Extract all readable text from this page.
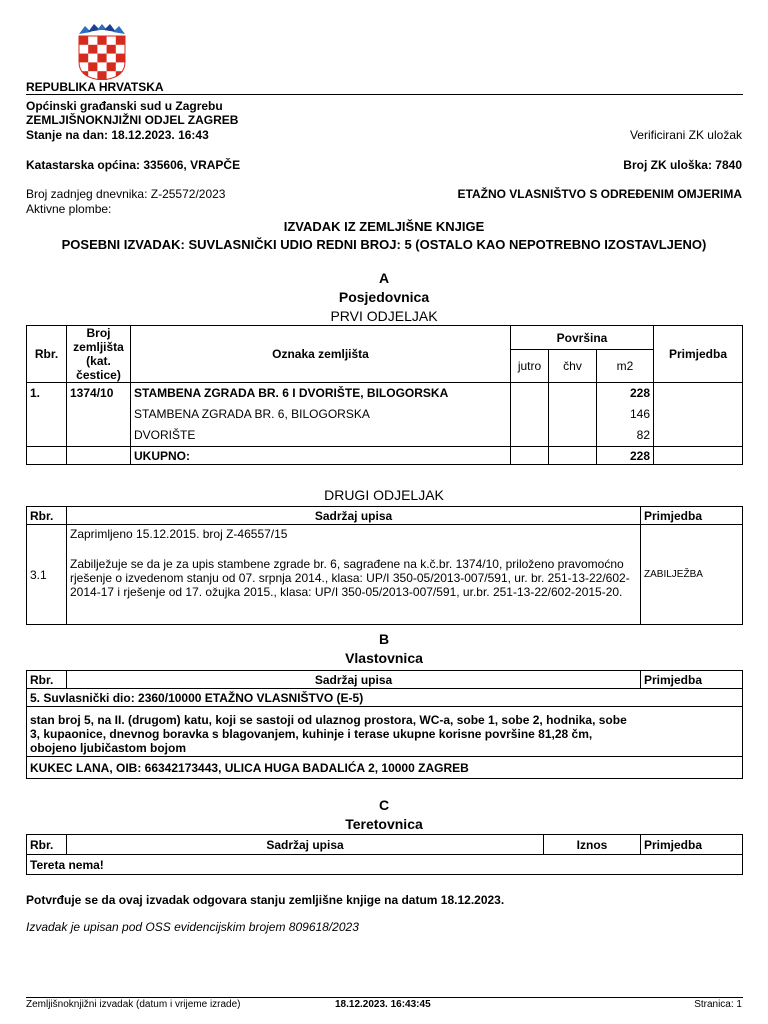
REPUBLIKA HRVATSKA
Općinski građanski sud u Zagrebu
ZEMLJIŠNOKNJIŽNI ODJEL ZAGREB
Stanje na dan: 18.12.2023. 16:43	Verificirani ZK uložak
Katastarska općina: 335606, VRAPČE	Broj ZK uloška: 7840
Broj zadnjeg dnevnika: Z-25572/2023	ETAŽNO VLASNIŠTVO S ODREĐENIM OMJERIMA
Aktivne plombe:
IZVADAK IZ ZEMLJIŠNE KNJIGE
POSEBNI IZVADAK: SUVLASNIČKI UDIO REDNI BROJ: 5 (OSTALO KAO NEPOTREBNO IZOSTAVLJENO)
A
Posjedovnica
PRVI ODJELJAK
Rbr.	Broj zemljišta (kat. čestice)	Oznaka zemljišta	Površina			Primjedba
			jutro	čhv	m2	
1.	1374/10	STAMBENA ZGRADA BR. 6 I DVORIŠTE, BILOGORSKA			228	
		STAMBENA ZGRADA BR. 6, BILOGORSKA			146	
		DVORIŠTE			82	
		UKUPNO:			228	
DRUGI ODJELJAK
Rbr.	Sadržaj upisa	Primjedba
3.1	Zaprimljeno 15.12.2015. broj Z-46557/15
Zabilježuje se da je za upis stambene zgrade br. 6, sagrađene na k.č.br. 1374/10, priloženo pravomoćno rješenje o izvedenom stanju od 07. srpnja 2014., klasa: UP/I 350-05/2013-007/591, ur. br. 251-13-22/602-2014-17 i rješenje od 17. ožujka 2015., klasa: UP/I 350-05/2013-007/591, ur.br. 251-13-22/602-2015-20.	ZABILJEŽBA
B
Vlastovnica
Rbr.	Sadržaj upisa	Primjedba
5. Suvlasnički dio: 2360/10000 ETAŽNO VLASNIŠTVO (E-5)
stan broj 5, na II. (drugom) katu, koji se sastoji od ulaznog prostora, WC-a, sobe 1, sobe 2, hodnika, sobe 3, kupaonice, dnevnog boravka s blagovanjem, kuhinje i terase ukupne korisne površine 81,28 čm, obojeno ljubičastom bojom
KUKEC LANA, OIB: 66342173443, ULICA HUGA BADALIĆA 2, 10000 ZAGREB
C
Teretovnica
Rbr.	Sadržaj upisa	Iznos	Primjedba
Tereta nema!
Potvrđuje se da ovaj izvadak odgovara stanju zemljišne knjige na datum 18.12.2023.
Izvadak je upisan pod OSS evidencijskim brojem 809618/2023
Zemljišnoknjižni izvadak (datum i vrijeme izrade)	18.12.2023. 16:43:45	Stranica: 1
